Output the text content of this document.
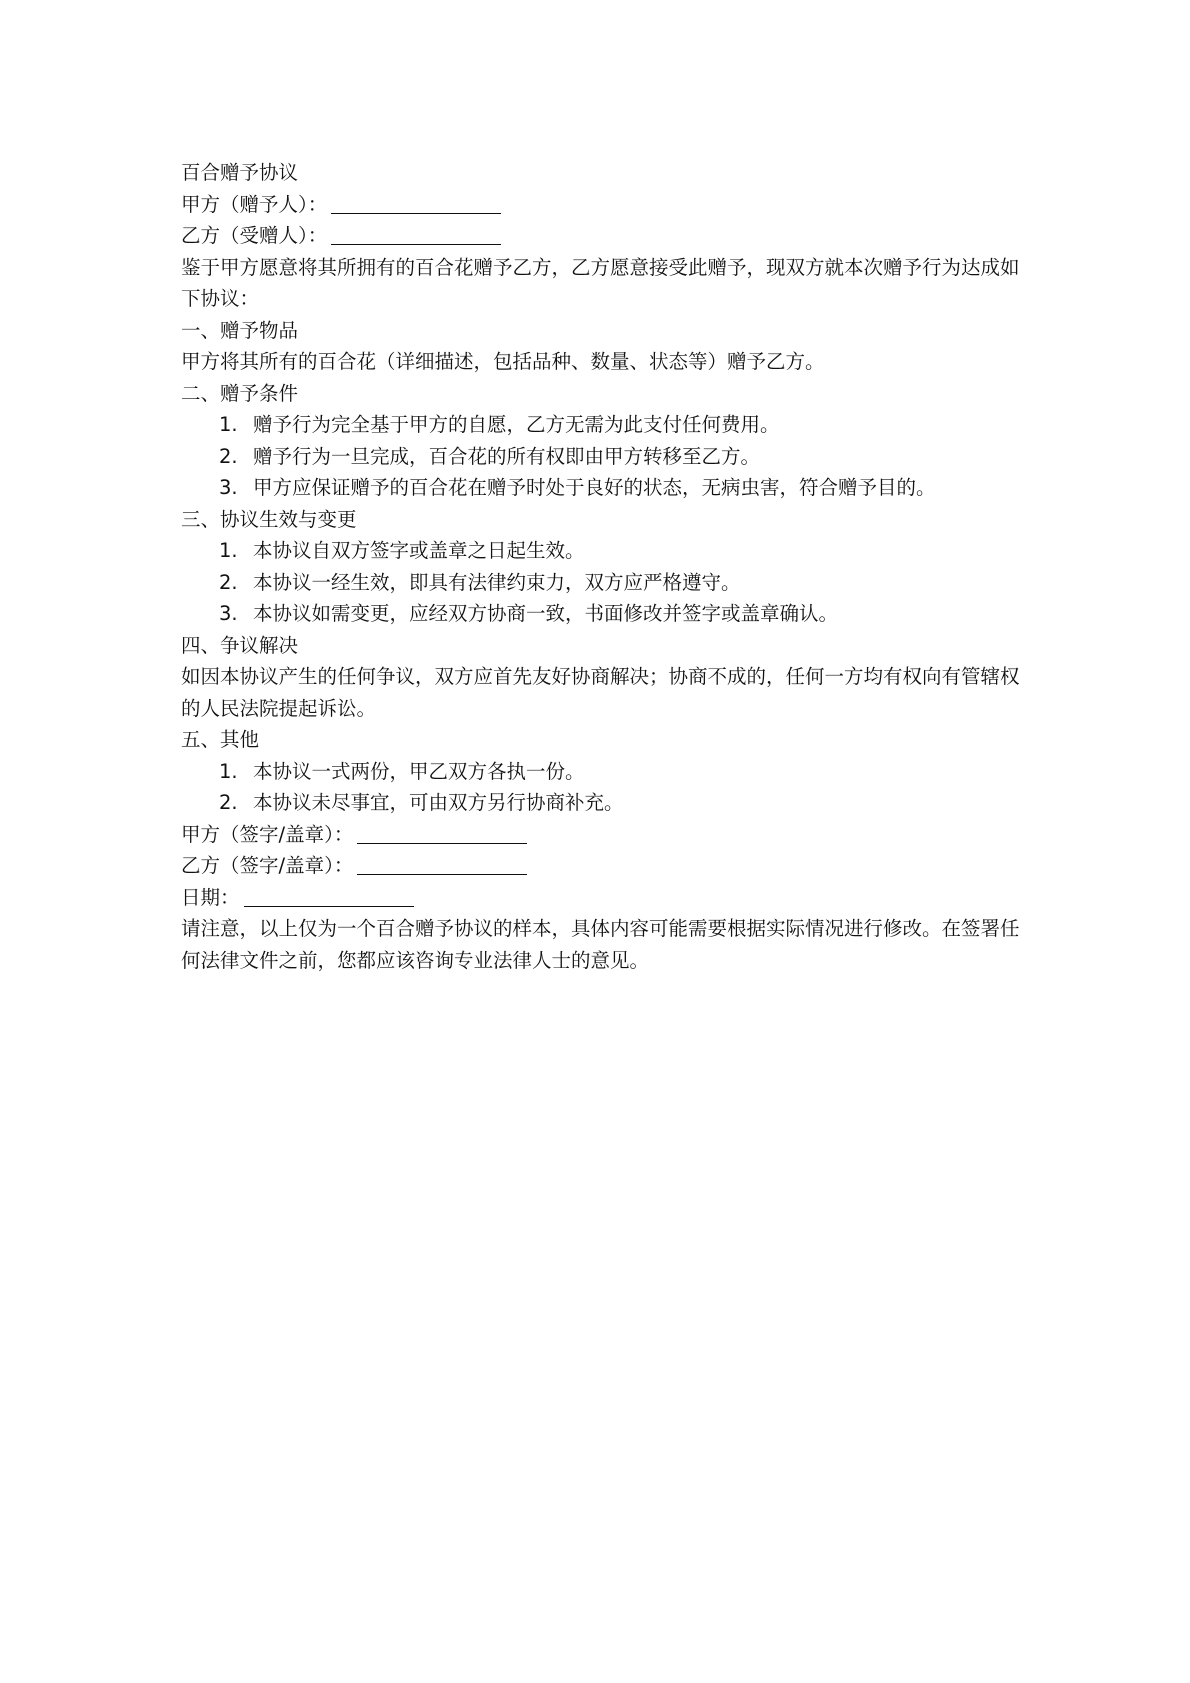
百合赠予协议
甲方（赠予人）：
乙方（受赠人）：
鉴于甲方愿意将其所拥有的百合花赠予乙方，乙方愿意接受此赠予，现双方就本次赠予行为达成如下协议：
一、赠予物品
甲方将其所有的百合花（详细描述，包括品种、数量、状态等）赠予乙方。
二、赠予条件
1. 赠予行为完全基于甲方的自愿，乙方无需为此支付任何费用。
2. 赠予行为一旦完成，百合花的所有权即由甲方转移至乙方。
3. 甲方应保证赠予的百合花在赠予时处于良好的状态，无病虫害，符合赠予目的。
三、协议生效与变更
1. 本协议自双方签字或盖章之日起生效。
2. 本协议一经生效，即具有法律约束力，双方应严格遵守。
3. 本协议如需变更，应经双方协商一致，书面修改并签字或盖章确认。
四、争议解决
如因本协议产生的任何争议，双方应首先友好协商解决；协商不成的，任何一方均有权向有管辖权的人民法院提起诉讼。
五、其他
1. 本协议一式两份，甲乙双方各执一份。
2. 本协议未尽事宜，可由双方另行协商补充。
甲方（签字/盖章）：
乙方（签字/盖章）：
日期：
请注意，以上仅为一个百合赠予协议的样本，具体内容可能需要根据实际情况进行修改。在签署任何法律文件之前，您都应该咨询专业法律人士的意见。
